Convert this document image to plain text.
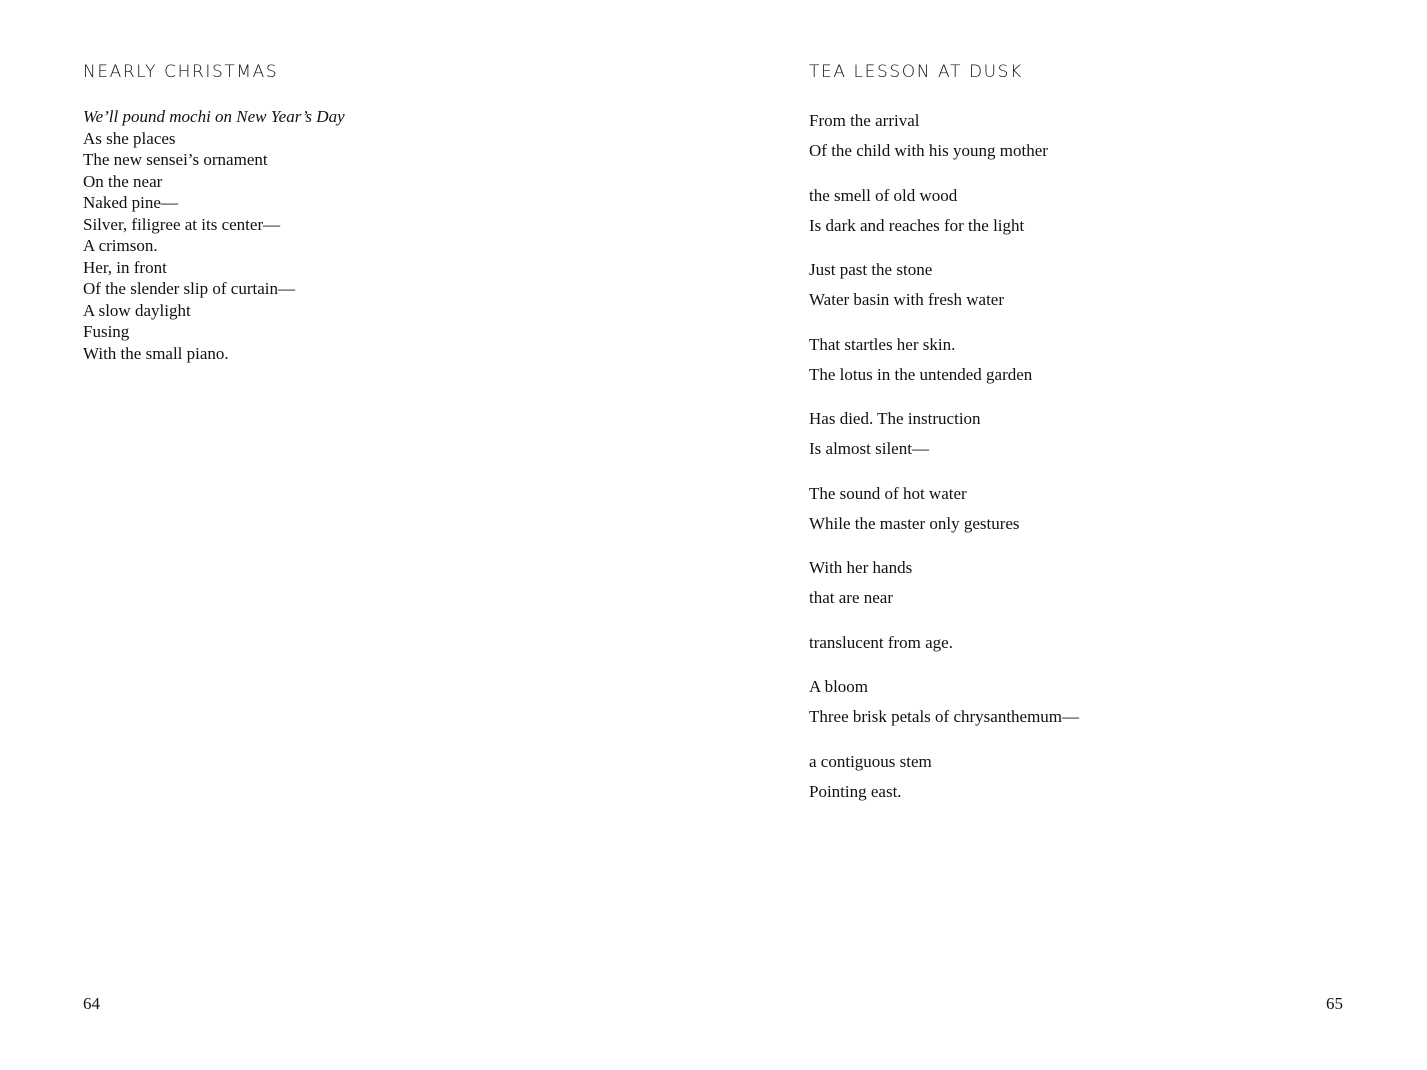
NEARLY CHRISTMAS
We’ll pound mochi on New Year’s Day
As she places
The new sensei’s ornament
On the near
Naked pine—
Silver, filigree at its center—
A crimson.
Her, in front
Of the slender slip of curtain—
A slow daylight
Fusing
With the small piano.
64
TEA LESSON AT DUSK
From the arrival
Of the child with his young mother
the smell of old wood
Is dark and reaches for the light
Just past the stone
Water basin with fresh water
That startles her skin.
The lotus in the untended garden
Has died. The instruction
Is almost silent—
The sound of hot water
While the master only gestures
With her hands
that are near
translucent from age.
A bloom
Three brisk petals of chrysanthemum—
a contiguous stem
Pointing east.
65
